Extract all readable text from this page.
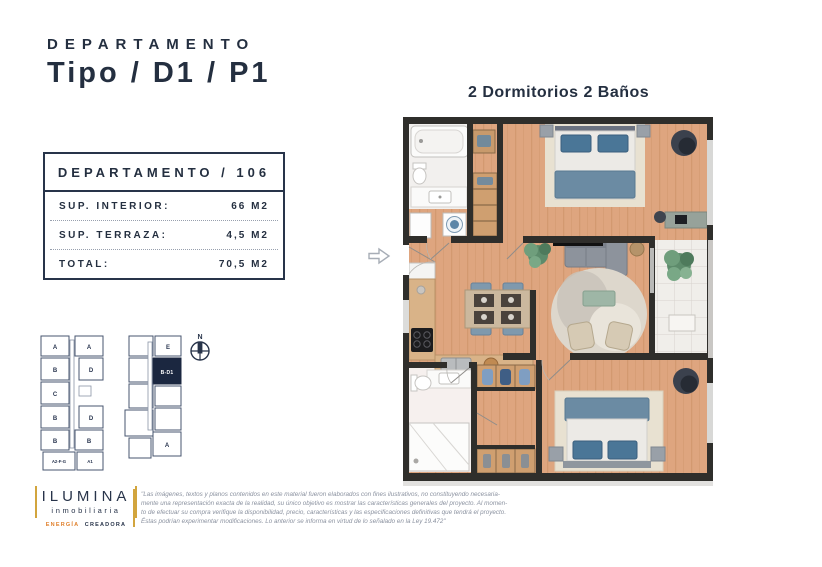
DEPARTAMENTO
Tipo / D1 / P1
2 Dormitorios 2 Baños
DEPARTAMENTO / 106
SUP. INTERIOR:	66 M2
SUP. TERRAZA:	4,5 M2
TOTAL:	70,5 M2
A	A
B	D
C
B	D
B	B
A2-F-G	A1
E
B-D1
A
N
ILUMINA
inmobiliaria
ENERGÍA CREADORA
"Las imágenes, textos y planos contenidos en este material fueron elaborados con fines ilustrativos, no constituyendo necesaria-
mente una representación exacta de la realidad, su único objetivo es mostrar las características generales del proyecto. Al momen-
to de efectuar su compra verifique la disponibilidad, precio, características y las especificaciones definitivas que tendrá el proyecto.
Éstas podrían experimentar modificaciones. Lo anterior se informa en virtud de lo señalado en la Ley 19.472"
